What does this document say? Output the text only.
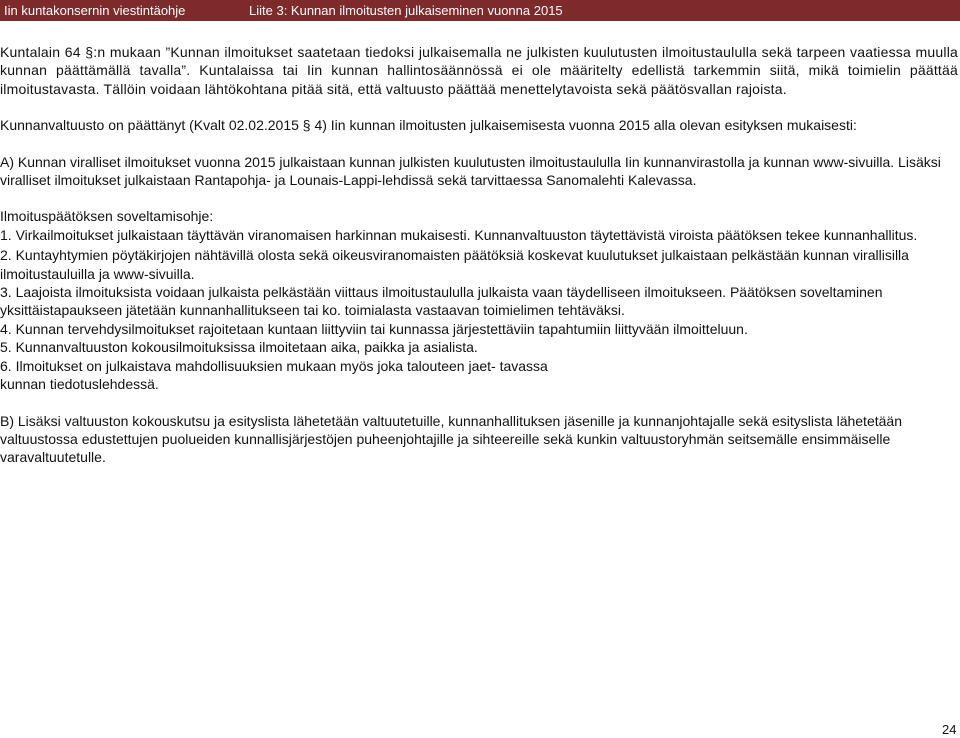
Iin kuntakonsernin viestintäohje	Liite 3: Kunnan ilmoitusten julkaiseminen vuonna 2015

Kuntalain 64 §:n mukaan ”Kunnan ilmoitukset saatetaan tiedoksi julkaisemalla ne julkisten kuulutusten ilmoitustaululla sekä tarpeen vaatiessa muulla kunnan päättämällä tavalla”. Kuntalaissa tai Iin kunnan hallintosäännössä ei ole määritelty edellistä tarkemmin siitä, mikä toimielin päättää ilmoitustavasta. Tällöin voidaan lähtökohtana pitää sitä, että valtuusto päättää menettelytavoista sekä päätösvallan rajoista.

Kunnanvaltuusto on päättänyt (Kvalt 02.02.2015 § 4) Iin kunnan ilmoitusten julkaisemisesta vuonna 2015 alla olevan esityksen mukaisesti:

A) Kunnan viralliset ilmoitukset vuonna 2015 julkaistaan kunnan julkisten kuulutusten ilmoitustaululla Iin kunnanvirastolla ja kunnan www-sivuilla. Lisäksi viralliset ilmoitukset julkaistaan Rantapohja- ja Lounais-Lappi-lehdissä sekä tarvittaessa Sanomalehti Kalevassa.

Ilmoituspäätöksen soveltamisohje:

1. Virkailmoitukset julkaistaan täyttävän viranomaisen harkinnan mukaisesti. Kunnanvaltuuston täytettävistä viroista päätöksen tekee kunnanhallitus.

2. Kuntayhtymien pöytäkirjojen nähtävillä olosta sekä oikeusviranomaisten päätöksiä koskevat kuulutukset julkaistaan pelkästään kunnan virallisilla ilmoitustauluilla ja www-sivuilla.

3. Laajoista ilmoituksista voidaan julkaista pelkästään viittaus ilmoitustaululla julkaista vaan täydelliseen ilmoitukseen. Päätöksen soveltaminen yksittäistapaukseen jätetään kunnanhallitukseen tai ko. toimialasta vastaavan toimielimen tehtäväksi.

4. Kunnan tervehdysilmoitukset rajoitetaan kuntaan liittyviin tai kunnassa järjestettäviin tapahtumiin liittyvään ilmoitteluun.

5. Kunnanvaltuuston kokousilmoituksissa ilmoitetaan aika, paikka ja asialista.

6. Ilmoitukset on julkaistava mahdollisuuksien mukaan myös joka talouteen jaet- tavassa kunnan tiedotuslehdessä.

B) Lisäksi valtuuston kokouskutsu ja esityslista lähetetään valtuutetuille, kunnanhallituksen jäsenille ja kunnanjohtajalle sekä esityslista lähetetään valtuustossa edustettujen puolueiden kunnallisjärjestöjen puheenjohtajille ja sihteereille sekä kunkin valtuustoryhmän seitsemälle ensimmäiselle varavaltuutetulle.

24
